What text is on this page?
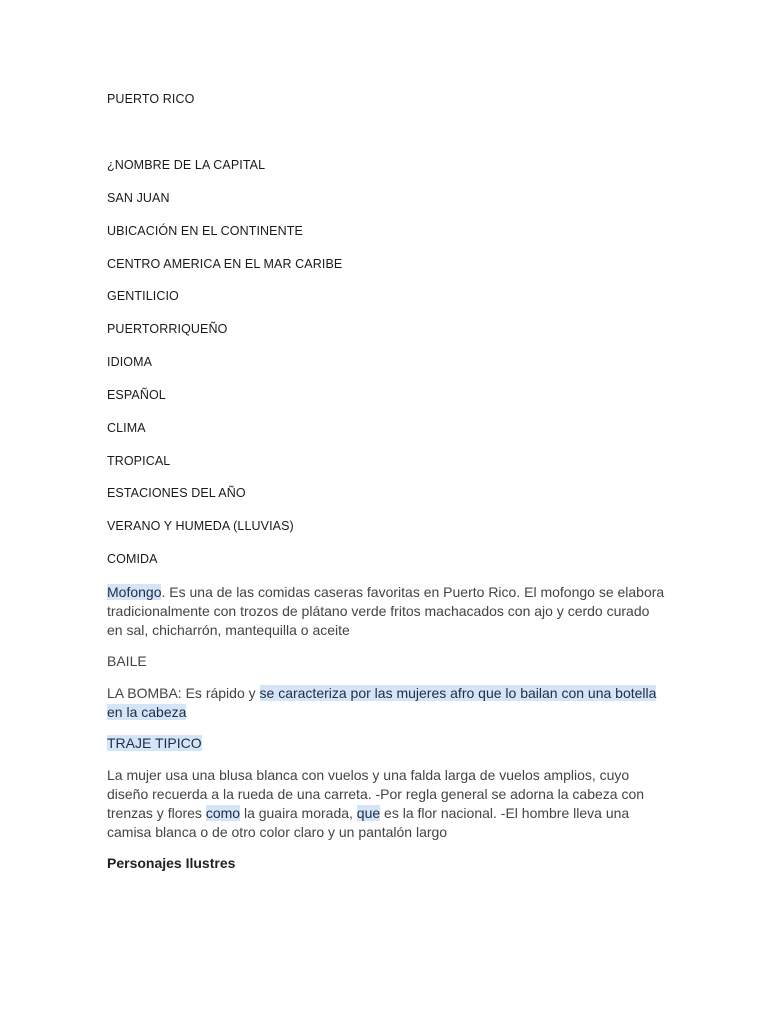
PUERTO RICO
¿NOMBRE DE LA CAPITAL
SAN JUAN
UBICACIÓN EN EL CONTINENTE
CENTRO AMERICA EN EL MAR CARIBE
GENTILICIO
PUERTORRIQUEÑO
IDIOMA
ESPAÑOL
CLIMA
TROPICAL
ESTACIONES DEL AÑO
VERANO Y HUMEDA (LLUVIAS)
COMIDA
Mofongo. Es una de las comidas caseras favoritas en Puerto Rico. El mofongo se elabora tradicionalmente con trozos de plátano verde fritos machacados con ajo y cerdo curado en sal, chicharrón, mantequilla o aceite
BAILE
LA BOMBA: Es rápido y se caracteriza por las mujeres afro que lo bailan con una botella en la cabeza
TRAJE TIPICO
La mujer usa una blusa blanca con vuelos y una falda larga de vuelos amplios, cuyo diseño recuerda a la rueda de una carreta. -Por regla general se adorna la cabeza con trenzas y flores como la guaira morada, que es la flor nacional. -El hombre lleva una camisa blanca o de otro color claro y un pantalón largo
Personajes Ilustres
